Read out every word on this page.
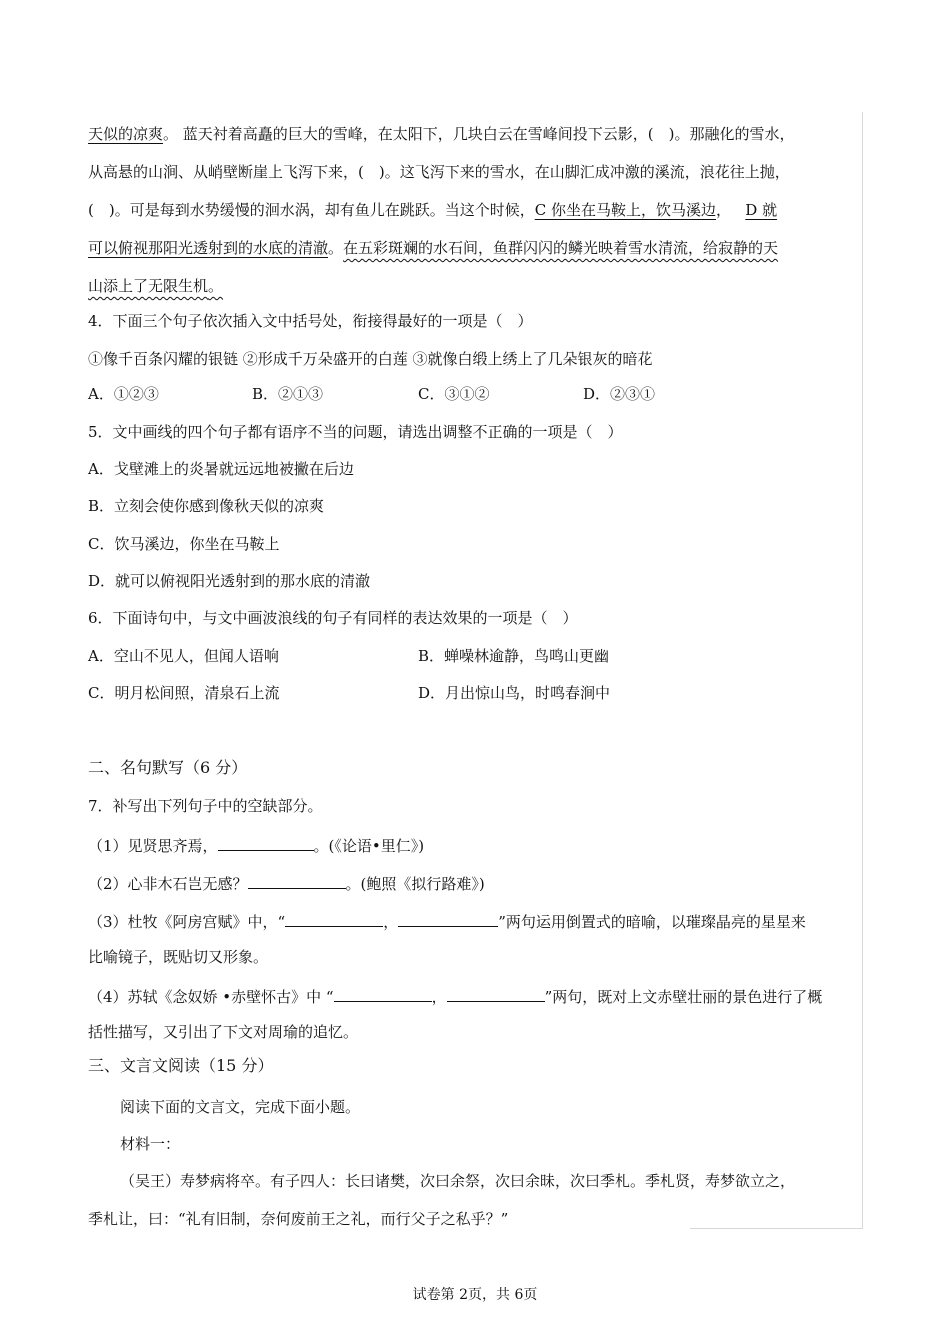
天似的凉爽。 蓝天衬着高矗的巨大的雪峰，在太阳下，几块白云在雪峰间投下云影，(　)。那融化的雪水，
从高悬的山涧、从峭壁断崖上飞泻下来，(　)。这飞泻下来的雪水，在山脚汇成冲激的溪流，浪花往上抛，
(　)。可是每到水势缓慢的洄水涡，却有鱼儿在跳跃。当这个时候，C 你坐在马鞍上，饮马溪边， D 就
可以俯视那阳光透射到的水底的清澈。在五彩斑斓的水石间，鱼群闪闪的鳞光映着雪水清流，给寂静的天
山添上了无限生机。
4．下面三个句子依次插入文中括号处，衔接得最好的一项是（　）
①像千百条闪耀的银链 ②形成千万朵盛开的白莲 ③就像白缎上绣上了几朵银灰的暗花
A．①②③	B．②①③	C．③①②	D．②③①
5．文中画线的四个句子都有语序不当的问题，请选出调整不正确的一项是（　）
A．戈壁滩上的炎暑就远远地被撇在后边
B．立刻会使你感到像秋天似的凉爽
C．饮马溪边，你坐在马鞍上
D．就可以俯视阳光透射到的那水底的清澈
6．下面诗句中，与文中画波浪线的句子有同样的表达效果的一项是（　）
A．空山不见人，但闻人语响	B．蝉噪林逾静，鸟鸣山更幽
C．明月松间照，清泉石上流	D．月出惊山鸟，时鸣春涧中
二、名句默写（6 分）
7．补写出下列句子中的空缺部分。
（1）见贤思齐焉，	。(《论语•里仁》)
（2）心非木石岂无感？	。(鲍照《拟行路难》)
（3）杜牧《阿房宫赋》中，“	，	”两句运用倒置式的暗喻，以璀璨晶亮的星星来
比喻镜子，既贴切又形象。
（4）苏轼《念奴娇 •赤壁怀古》中 “	，	”两句，既对上文赤壁壮丽的景色进行了概
括性描写，又引出了下文对周瑜的追忆。
三、文言文阅读（15 分）
阅读下面的文言文，完成下面小题。
材料一：
（吴王）寿梦病将卒。有子四人：长曰诸樊，次曰余祭，次曰余昧，次曰季札。季札贤，寿梦欲立之，
季札让，曰：“礼有旧制，奈何废前王之礼，而行父子之私乎？”
试卷第 2页，共 6页
